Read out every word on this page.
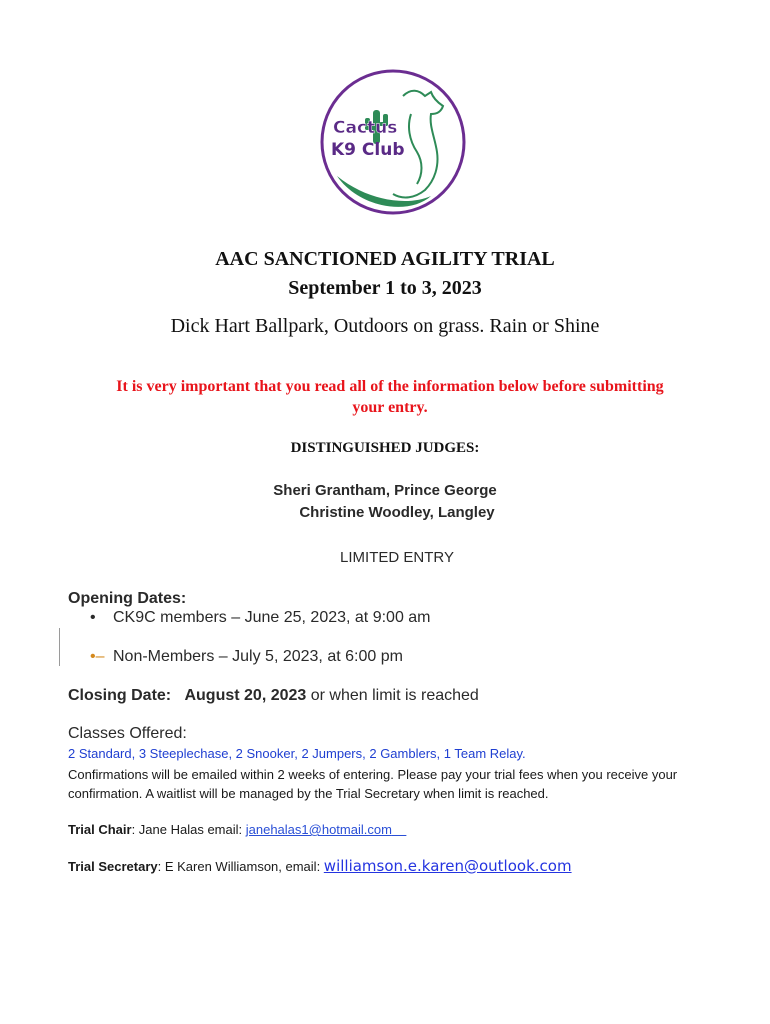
Cactus
K9 Club
AAC SANCTIONED AGILITY TRIAL
September 1 to 3, 2023
Dick Hart Ballpark, Outdoors on grass. Rain or Shine
It is very important that you read all of the information below before submitting your entry.
DISTINGUISHED JUDGES:
Sheri Grantham, Prince George
Christine Woodley, Langley
LIMITED ENTRY
Opening Dates:
• CK9C members – June 25, 2023, at 9:00 am
•– Non-Members – July 5, 2023, at 6:00 pm
Closing Date: August 20, 2023 or when limit is reached
Classes Offered:
2 Standard, 3 Steeplechase, 2 Snooker, 2 Jumpers, 2 Gamblers, 1 Team Relay.
Confirmations will be emailed within 2 weeks of entering. Please pay your trial fees when you receive your confirmation. A waitlist will be managed by the Trial Secretary when limit is reached.
Trial Chair: Jane Halas email: janehalas1@hotmail.com
Trial Secretary: E Karen Williamson, email: williamson.e.karen@outlook.com
